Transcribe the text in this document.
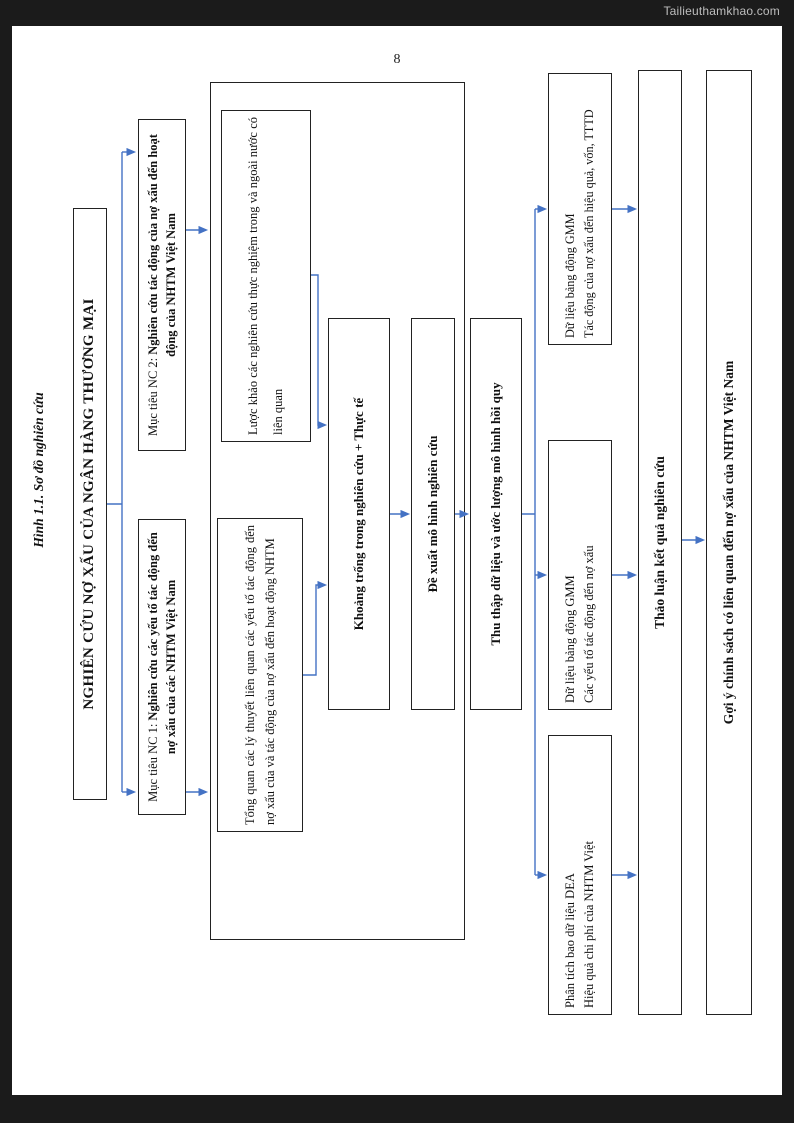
Tailieuthamkhao.com
8
Hình 1.1. Sơ đồ nghiên cứu NGHIÊN CỨU NỢ XẤU CỦA NGÂN HÀNG THƯƠNG MẠI
Mục tiêu NC 1: Nghiên cứu các yếu tố tác động đến nợ xấu của các NHTM Việt Nam
Mục tiêu NC 2: Nghiên cứu tác động của nợ xấu đến hoạt động của NHTM Việt Nam
Tổng quan các lý thuyết liên quan các yếu tố tác động đến nợ xấu của và tác động của nợ xấu đến hoạt động NHTM
Lược khảo các nghiên cứu thực nghiệm trong và ngoài nước có liên quan	Khoảng trống trong nghiên cứu + Thực tế	Đề xuất mô hình nghiên cứu	Thu thập dữ liệu và ước lượng mô hình hồi quy
Phân tích bao dữ liệu DEA Hiệu quả chi phí của NHTM Việt
Dữ liệu bảng động GMM Các yếu tố tác động đến nợ xấu
Dữ liệu bảng động GMM Tác động của nợ xấu đến hiệu quả, vốn, TTTD
Thảo luận kết quả nghiên cứu	Gợi ý chính sách có liên quan đến nợ xấu của NHTM Việt Nam
